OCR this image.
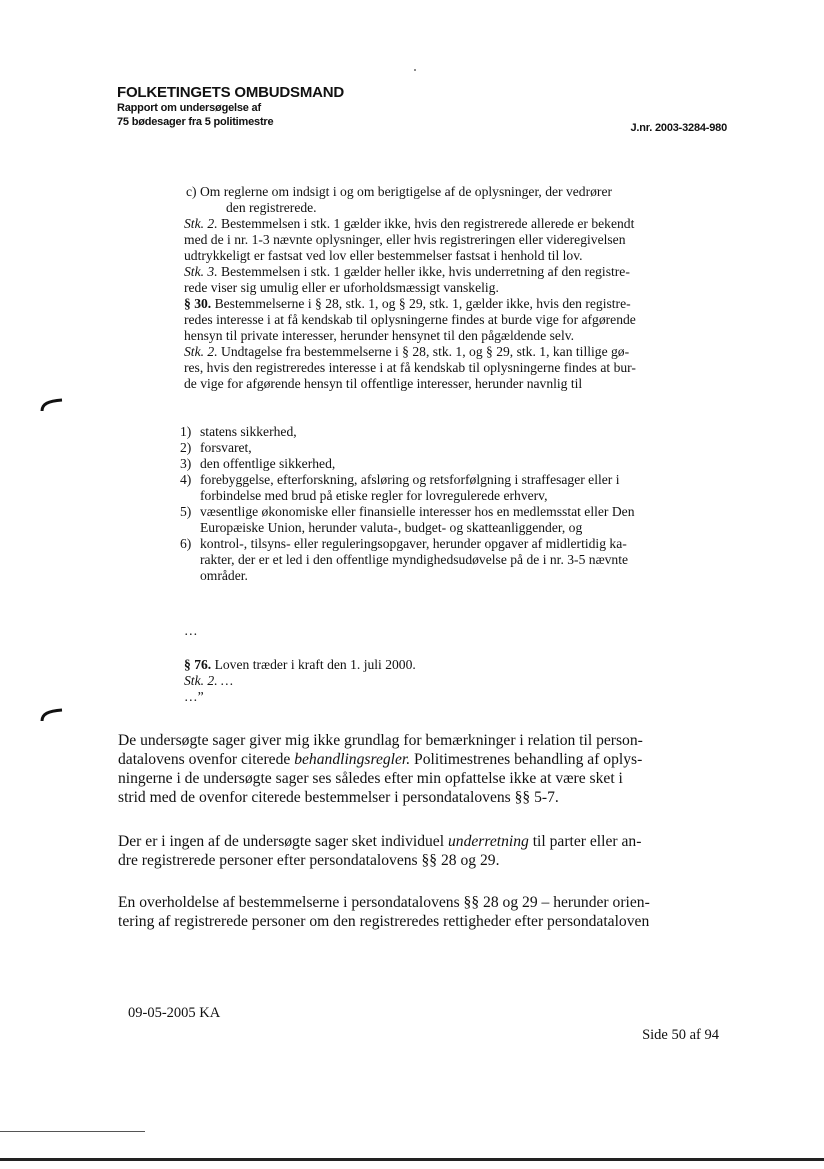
FOLKETINGETS OMBUDSMAND
Rapport om undersøgelse af
75 bødesager fra 5 politimestre	J.nr. 2003-3284-980
c) Om reglerne om indsigt i og om berigtigelse af de oplysninger, der vedrører
den registrerede.
Stk. 2. Bestemmelsen i stk. 1 gælder ikke, hvis den registrerede allerede er bekendt
med de i nr. 1-3 nævnte oplysninger, eller hvis registreringen eller videregivelsen
udtrykkeligt er fastsat ved lov eller bestemmelser fastsat i henhold til lov.
Stk. 3. Bestemmelsen i stk. 1 gælder heller ikke, hvis underretning af den registre-
rede viser sig umulig eller er uforholdsmæssigt vanskelig.
§ 30. Bestemmelserne i § 28, stk. 1, og § 29, stk. 1, gælder ikke, hvis den registre-
redes interesse i at få kendskab til oplysningerne findes at burde vige for afgørende
hensyn til private interesser, herunder hensynet til den pågældende selv.
Stk. 2. Undtagelse fra bestemmelserne i § 28, stk. 1, og § 29, stk. 1, kan tillige gø-
res, hvis den registreredes interesse i at få kendskab til oplysningerne findes at bur-
de vige for afgørende hensyn til offentlige interesser, herunder navnlig til
1) statens sikkerhed,
2) forsvaret,
3) den offentlige sikkerhed,
4) forebyggelse, efterforskning, afsløring og retsforfølgning i straffesager eller i
forbindelse med brud på etiske regler for lovregulerede erhverv,
5) væsentlige økonomiske eller finansielle interesser hos en medlemsstat eller Den
Europæiske Union, herunder valuta-, budget- og skatteanliggender, og
6) kontrol-, tilsyns- eller reguleringsopgaver, herunder opgaver af midlertidig ka-
rakter, der er et led i den offentlige myndighedsudøvelse på de i nr. 3-5 nævnte
områder.
…
§ 76. Loven træder i kraft den 1. juli 2000.
Stk. 2. …
…”
De undersøgte sager giver mig ikke grundlag for bemærkninger i relation til person-
datalovens ovenfor citerede behandlingsregler. Politimestrenes behandling af oplys-
ningerne i de undersøgte sager ses således efter min opfattelse ikke at være sket i
strid med de ovenfor citerede bestemmelser i persondatalovens §§ 5-7.
Der er i ingen af de undersøgte sager sket individuel underretning til parter eller an-
dre registrerede personer efter persondatalovens §§ 28 og 29.
En overholdelse af bestemmelserne i persondatalovens §§ 28 og 29 – herunder orien-
tering af registrerede personer om den registreredes rettigheder efter persondataloven
09-05-2005 KA
Side 50 af 94
